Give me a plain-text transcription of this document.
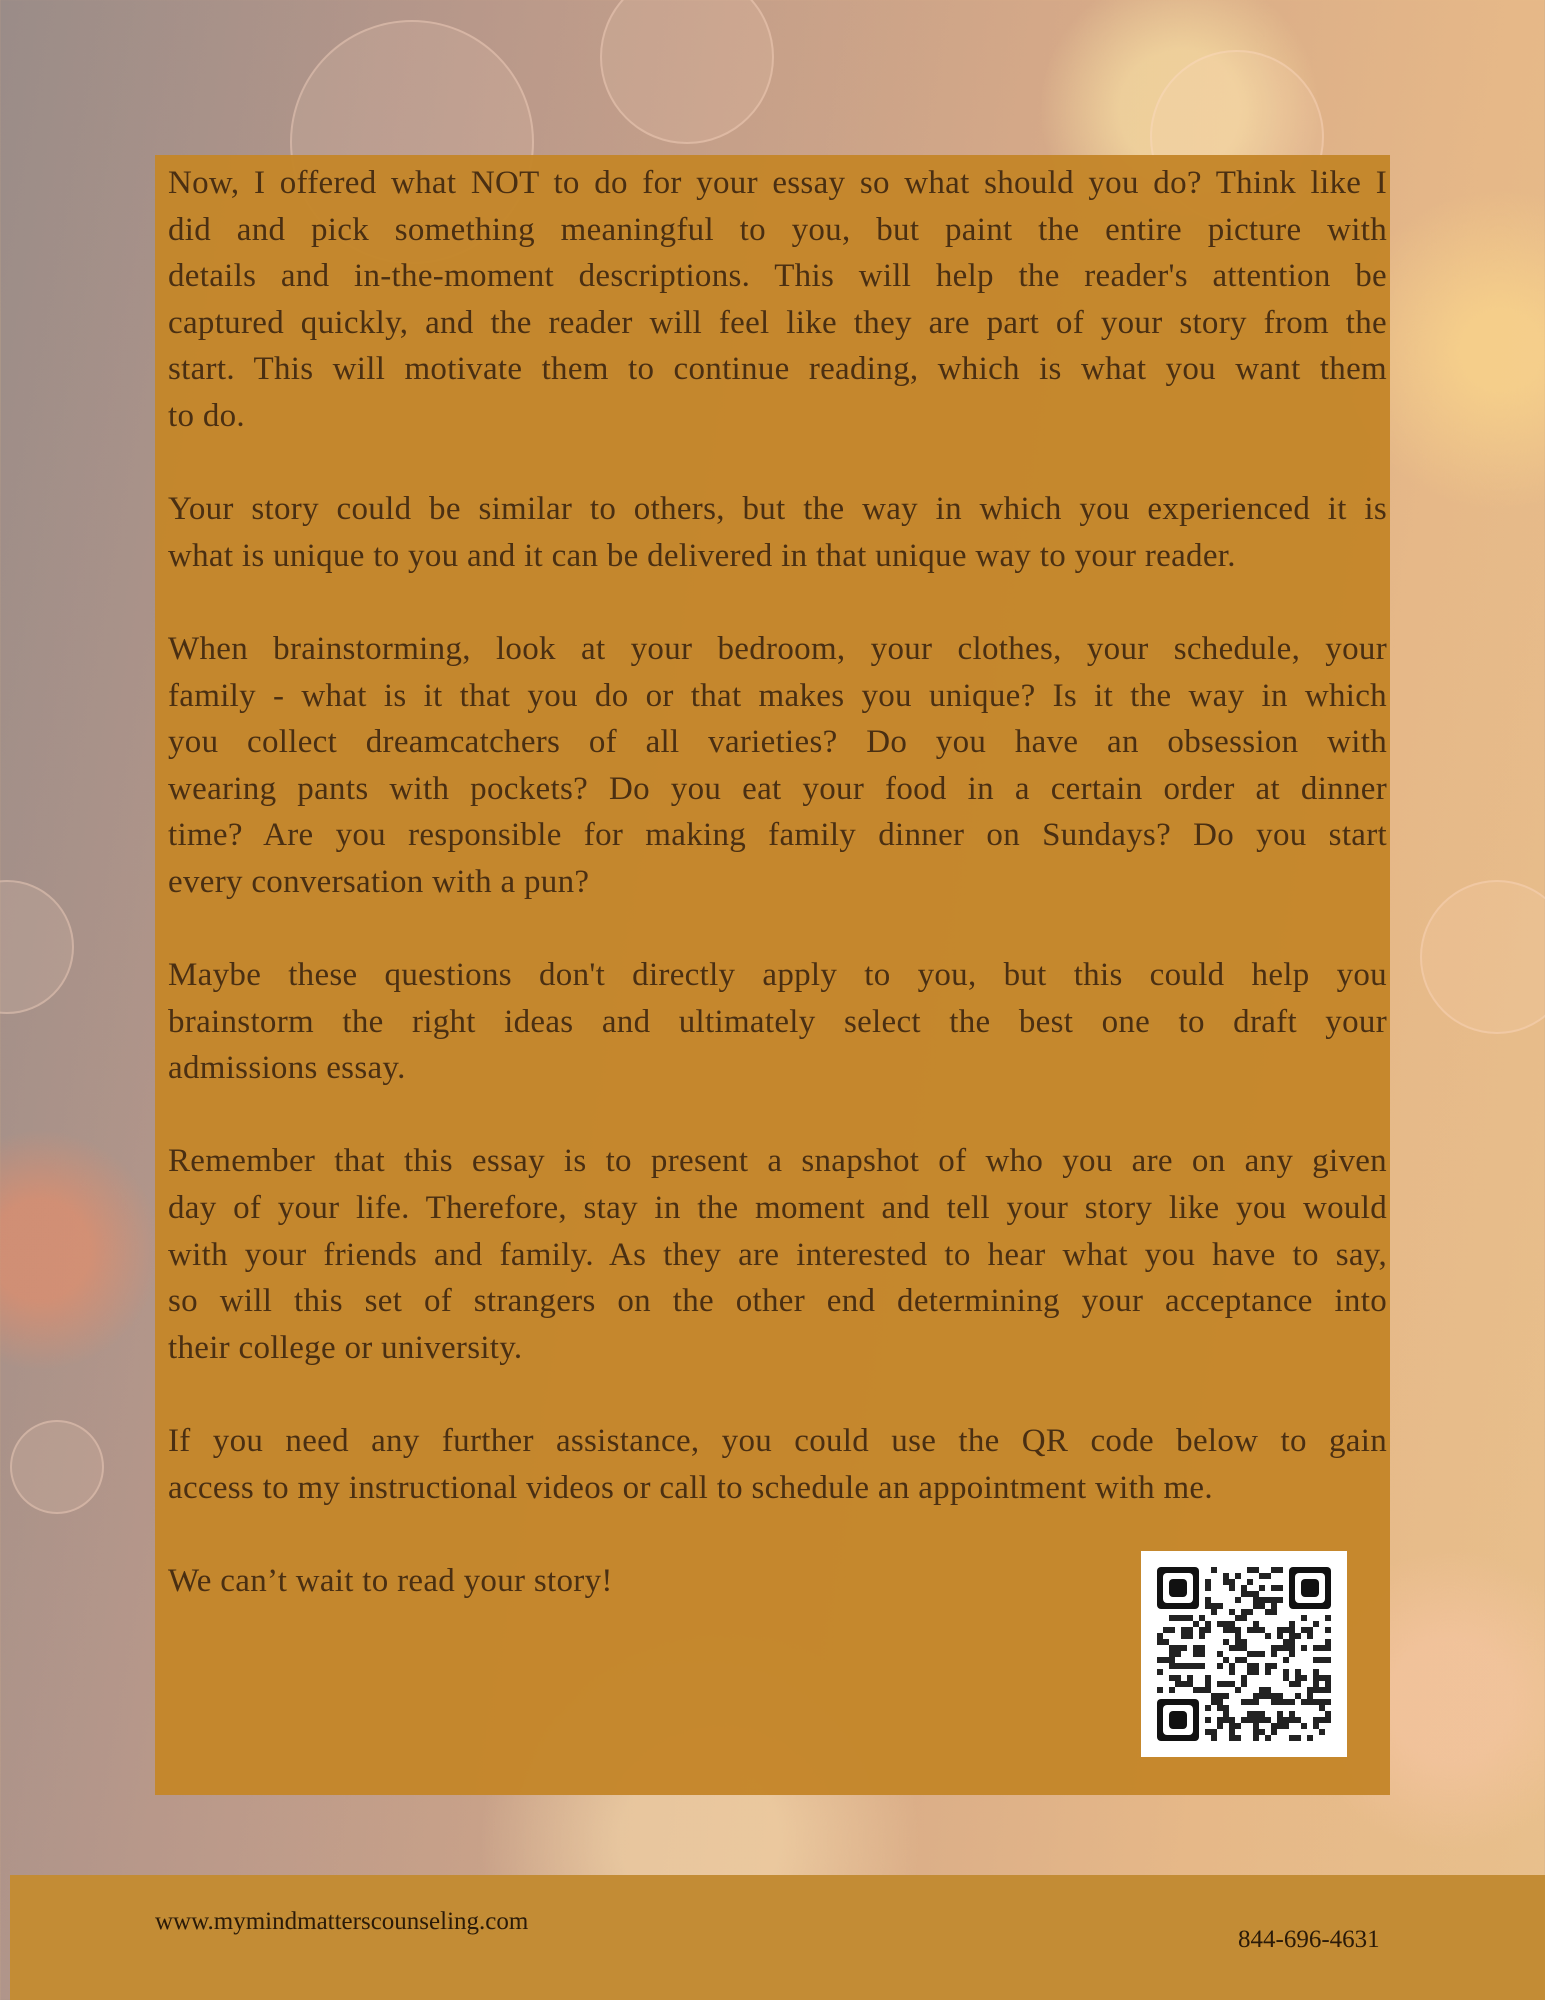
Now, I offered what NOT to do for your essay so what should you do? Think like I
did and pick something meaningful to you, but paint the entire picture with
details and in-the-moment descriptions. This will help the reader's attention be
captured quickly, and the reader will feel like they are part of your story from the
start. This will motivate them to continue reading, which is what you want them
to do.
Your story could be similar to others, but the way in which you experienced it is
what is unique to you and it can be delivered in that unique way to your reader.
When brainstorming, look at your bedroom, your clothes, your schedule, your
family - what is it that you do or that makes you unique? Is it the way in which
you collect dreamcatchers of all varieties? Do you have an obsession with
wearing pants with pockets? Do you eat your food in a certain order at dinner
time? Are you responsible for making family dinner on Sundays? Do you start
every conversation with a pun?
Maybe these questions don't directly apply to you, but this could help you
brainstorm the right ideas and ultimately select the best one to draft your
admissions essay.
Remember that this essay is to present a snapshot of who you are on any given
day of your life. Therefore, stay in the moment and tell your story like you would
with your friends and family. As they are interested to hear what you have to say,
so will this set of strangers on the other end determining your acceptance into
their college or university.
If you need any further assistance, you could use the QR code below to gain
access to my instructional videos or call to schedule an appointment with me.
We can’t wait to read your story!
www.mymindmatterscounseling.com
844-696-4631
